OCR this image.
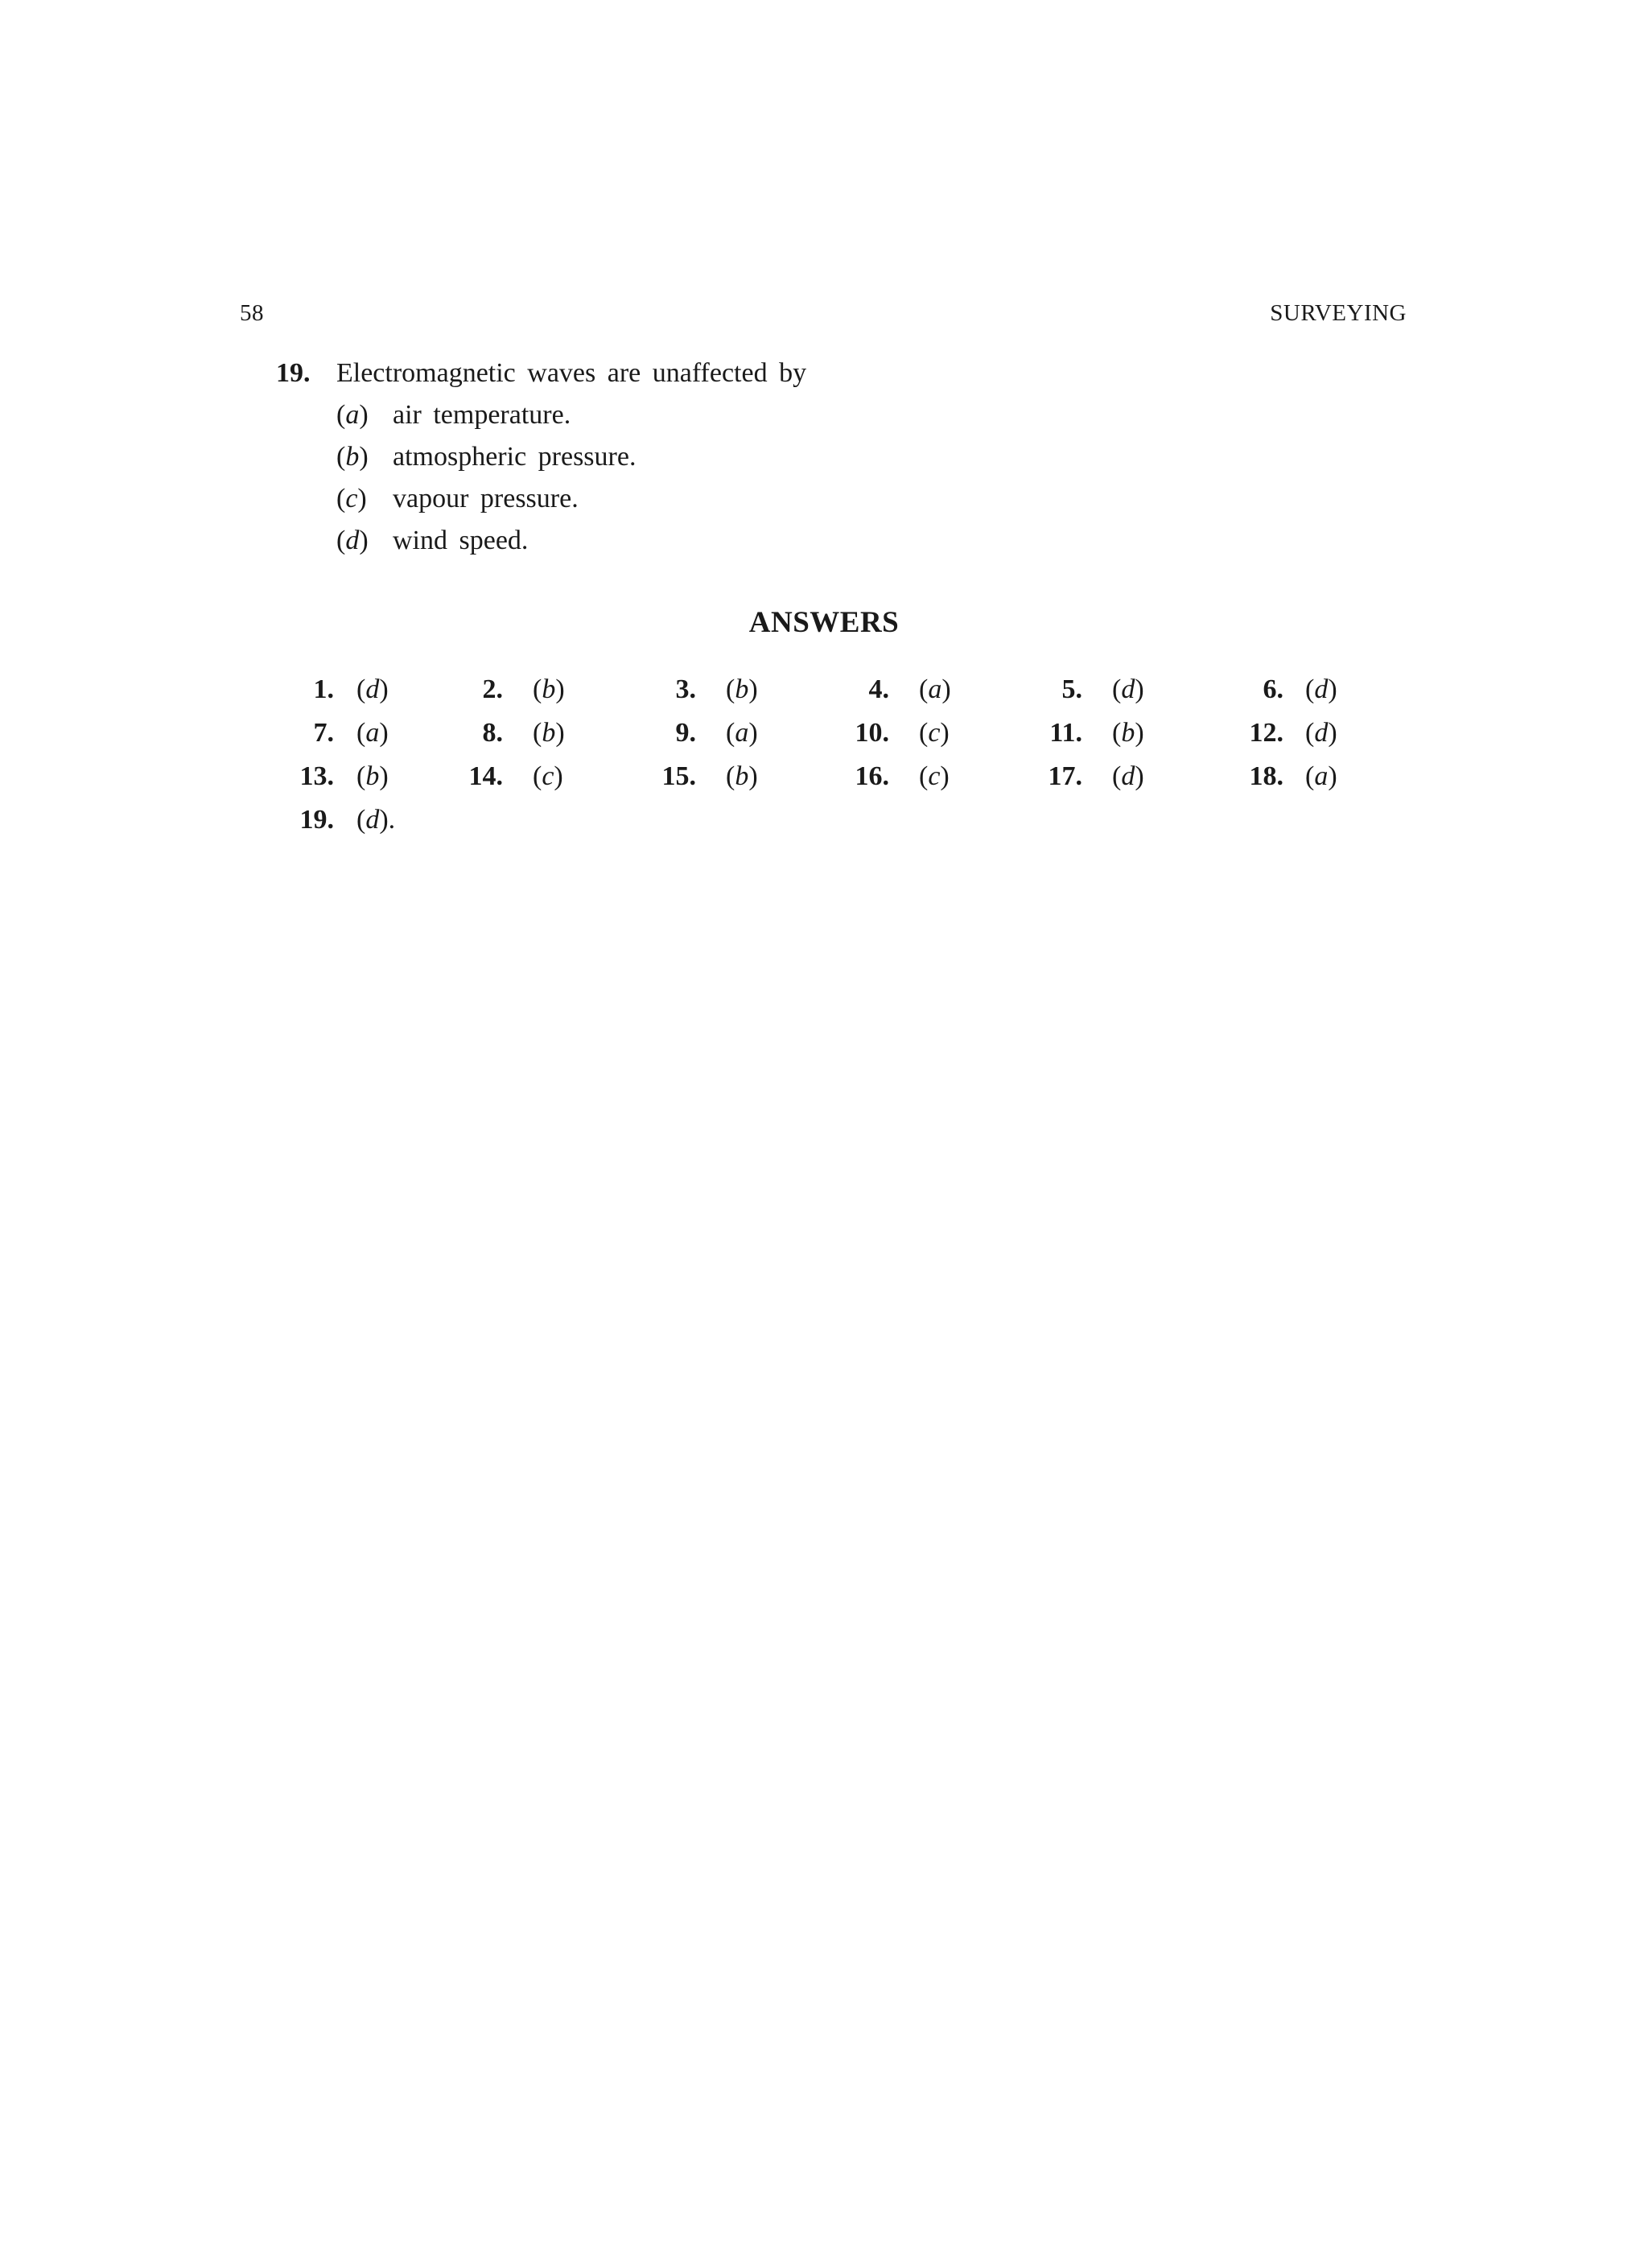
58	SURVEYING
19. Electromagnetic waves are unaffected by
(a) air temperature.
(b) atmospheric pressure.
(c) vapour pressure.
(d) wind speed.
ANSWERS
1. (d)	2. (b)	3. (b)	4. (a)	5. (d)	6. (d)
7. (a)	8. (b)	9. (a)	10. (c)	11. (b)	12. (d)
13. (b)	14. (c)	15. (b)	16. (c)	17. (d)	18. (a)
19. (d).
